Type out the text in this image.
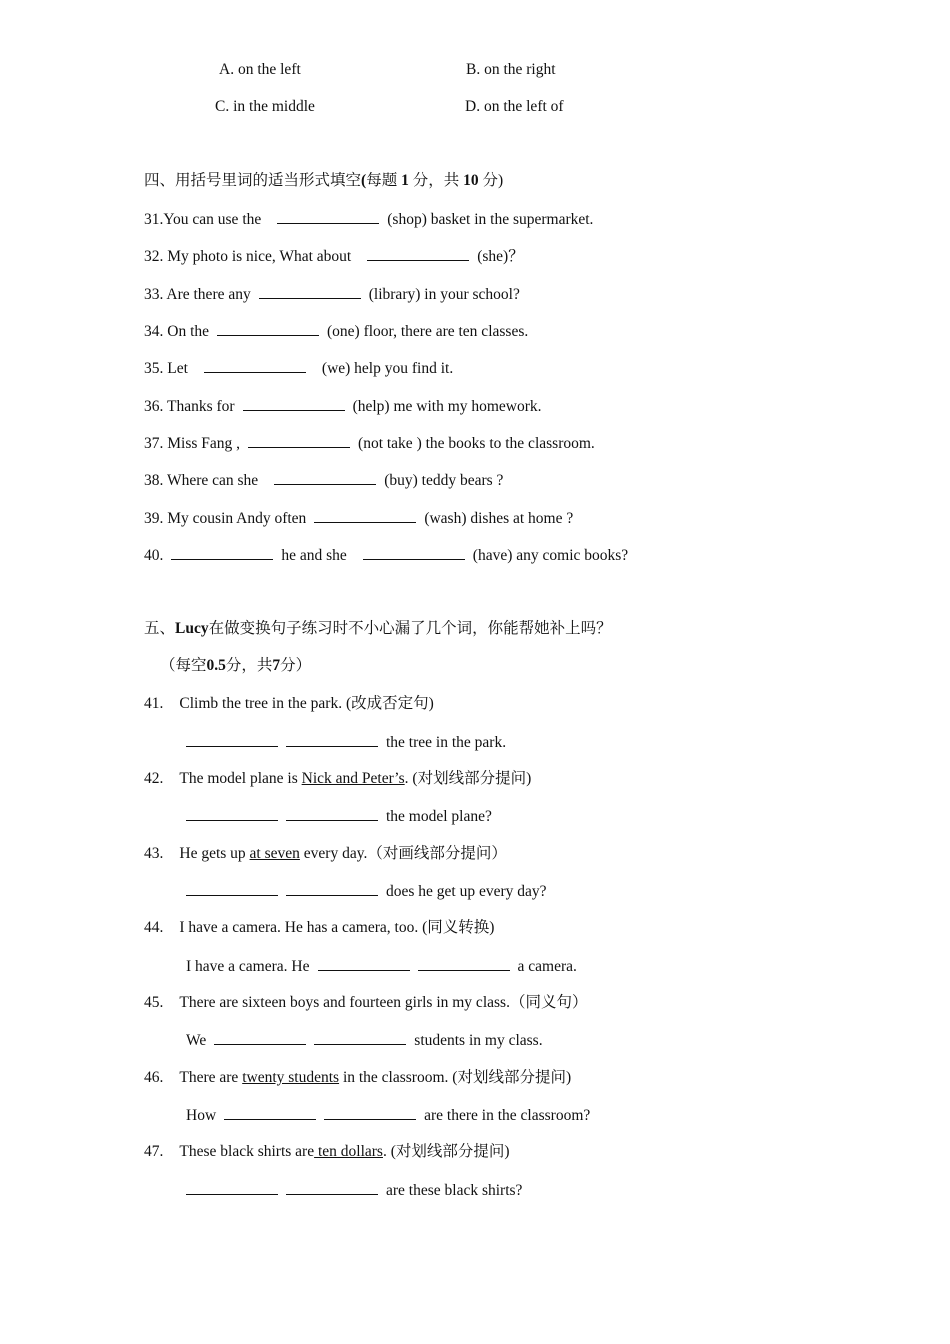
A. on the left	B. on the right
C. in the middle	D. on the left of
四、用括号里词的适当形式填空(每题 1 分，共 10 分)
31.You can use the	(shop) basket in the supermarket.
32. My photo is nice, What about	(she)？
33. Are there any	(library) in your school?
34. On the	(one) floor, there are ten classes.
35. Let	(we) help you find it.
36. Thanks for	(help) me with my homework.
37. Miss Fang ,	(not take ) the books to the classroom.
38. Where can she	(buy) teddy bears ?
39. My cousin Andy often	(wash) dishes at home ?
40.	he and she	(have) any comic books?
五、Lucy在做变换句子练习时不小心漏了几个词，你能帮她补上吗？
（每空0.5分，共7分）
41. Climb the tree in the park. (改成否定句)
the tree in the park.
42. The model plane is Nick and Peter’s. (对划线部分提问)
the model plane?
43. He gets up at seven every day.（对画线部分提问）
does he get up every day?
44. I have a camera. He has a camera, too. (同义转换)
I have a camera. He	a camera.
45. There are sixteen boys and fourteen girls in my class.（同义句）
We	students in my class.
46. There are twenty students in the classroom. (对划线部分提问)
How	are there in the classroom?
47. These black shirts are ten dollars. (对划线部分提问)
are these black shirts?
